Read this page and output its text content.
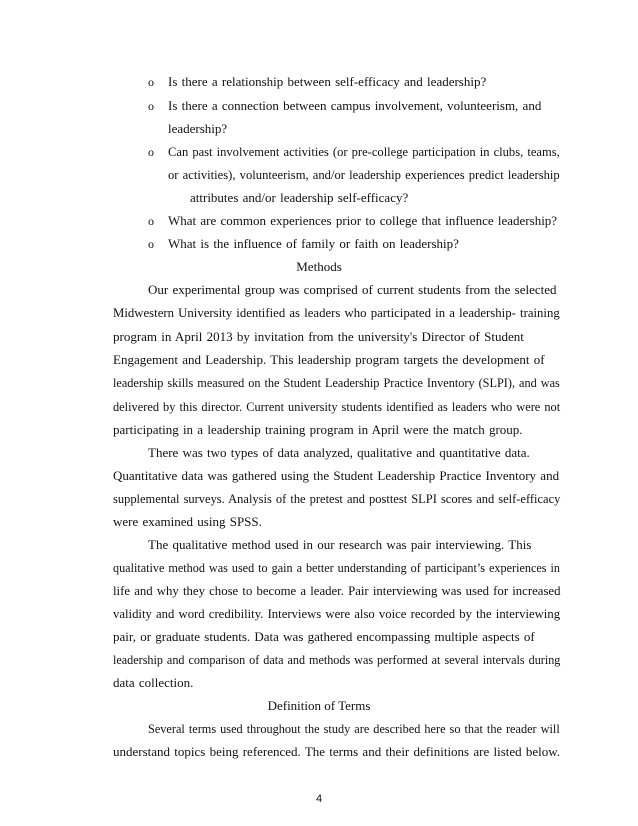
o Is there a relationship between self-efficacy and leadership?
o Is there a connection between campus involvement, volunteerism, and
leadership?
o Can past involvement activities (or pre-college participation in clubs, teams,
or activities), volunteerism, and/or leadership experiences predict leadership
attributes and/or leadership self-efficacy?
o What are common experiences prior to college that influence leadership?
o What is the influence of family or faith on leadership?
Methods
Our experimental group was comprised of current students from the selected
Midwestern University identified as leaders who participated in a leadership- training
program in April 2013 by invitation from the university's Director of Student
Engagement and Leadership. This leadership program targets the development of
leadership skills measured on the Student Leadership Practice Inventory (SLPI), and was
delivered by this director. Current university students identified as leaders who were not
participating in a leadership training program in April were the match group.
There was two types of data analyzed, qualitative and quantitative data.
Quantitative data was gathered using the Student Leadership Practice Inventory and
supplemental surveys. Analysis of the pretest and posttest SLPI scores and self-efficacy
were examined using SPSS.
The qualitative method used in our research was pair interviewing. This
qualitative method was used to gain a better understanding of participant’s experiences in
life and why they chose to become a leader. Pair interviewing was used for increased
validity and word credibility. Interviews were also voice recorded by the interviewing
pair, or graduate students. Data was gathered encompassing multiple aspects of
leadership and comparison of data and methods was performed at several intervals during
data collection.
Definition of Terms
Several terms used throughout the study are described here so that the reader will
understand topics being referenced. The terms and their definitions are listed below.
4
